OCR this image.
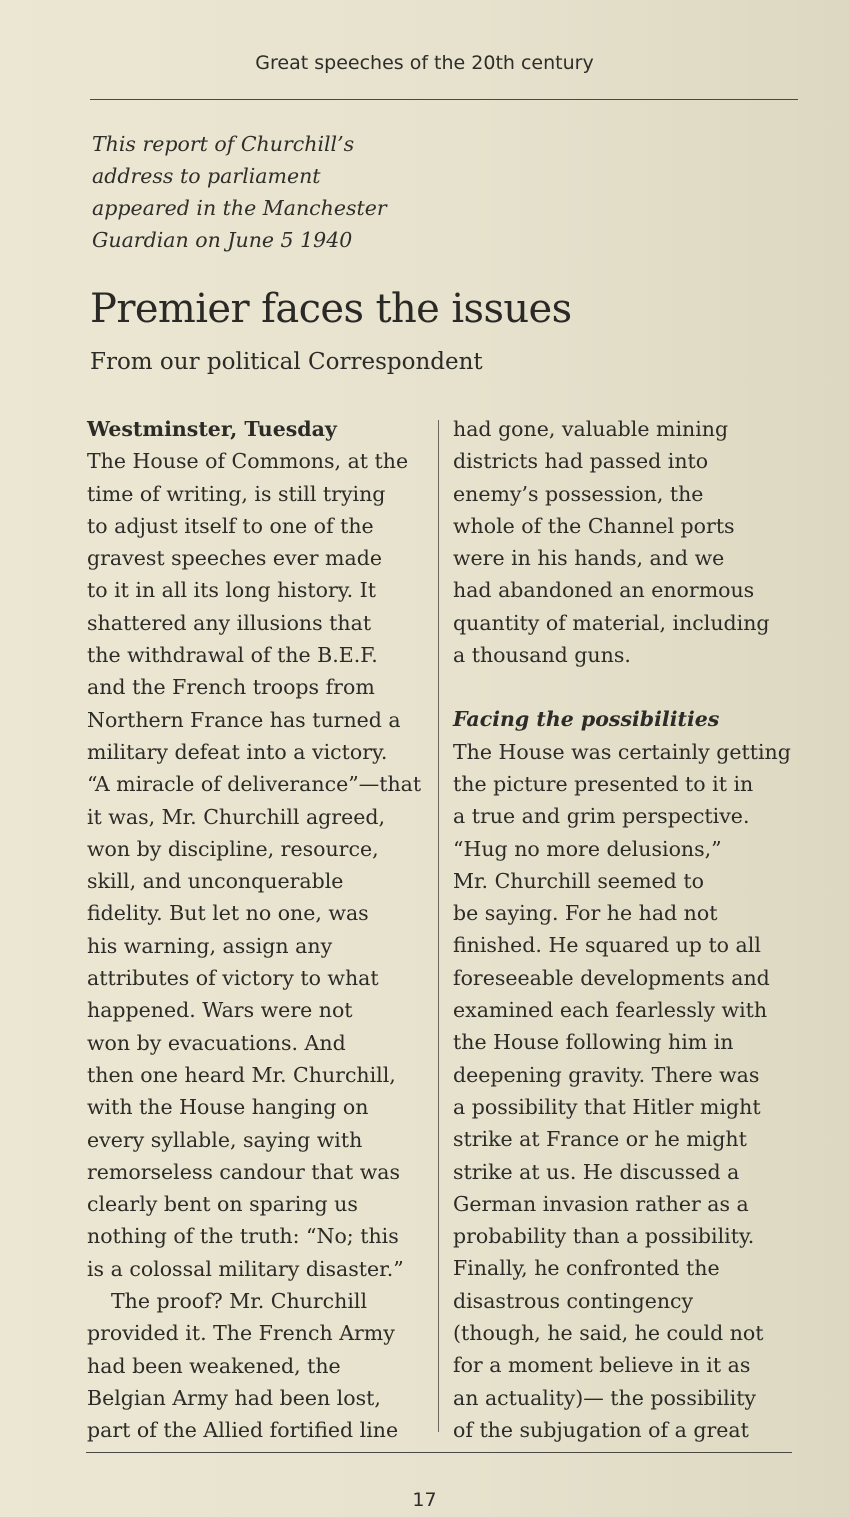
Great speeches of the 20th century
This report of Churchill’s
address to parliament
appeared in the Manchester
Guardian on June 5 1940
Premier faces the issues
From our political Correspondent
Westminster, Tuesday
The House of Commons, at the
time of writing, is still trying
to adjust itself to one of the
gravest speeches ever made
to it in all its long history. It
shattered any illusions that
the withdrawal of the B.E.F.
and the French troops from
Northern France has turned a
military defeat into a victory.
“A miracle of deliverance”—that
it was, Mr. Churchill agreed,
won by discipline, resource,
skill, and unconquerable
fidelity. But let no one, was
his warning, assign any
attributes of victory to what
happened. Wars were not
won by evacuations. And
then one heard Mr. Churchill,
with the House hanging on
every syllable, saying with
remorseless candour that was
clearly bent on sparing us
nothing of the truth: “No; this
is a colossal military disaster.”
The proof? Mr. Churchill
provided it. The French Army
had been weakened, the
Belgian Army had been lost,
part of the Allied fortified line
had gone, valuable mining
districts had passed into
enemy’s possession, the
whole of the Channel ports
were in his hands, and we
had abandoned an enormous
quantity of material, including
a thousand guns.
Facing the possibilities
The House was certainly getting
the picture presented to it in
a true and grim perspective.
“Hug no more delusions,”
Mr. Churchill seemed to
be saying. For he had not
finished. He squared up to all
foreseeable developments and
examined each fearlessly with
the House following him in
deepening gravity. There was
a possibility that Hitler might
strike at France or he might
strike at us. He discussed a
German invasion rather as a
probability than a possibility.
Finally, he confronted the
disastrous contingency
(though, he said, he could not
for a moment believe in it as
an actuality)— the possibility
of the subjugation of a great
17
